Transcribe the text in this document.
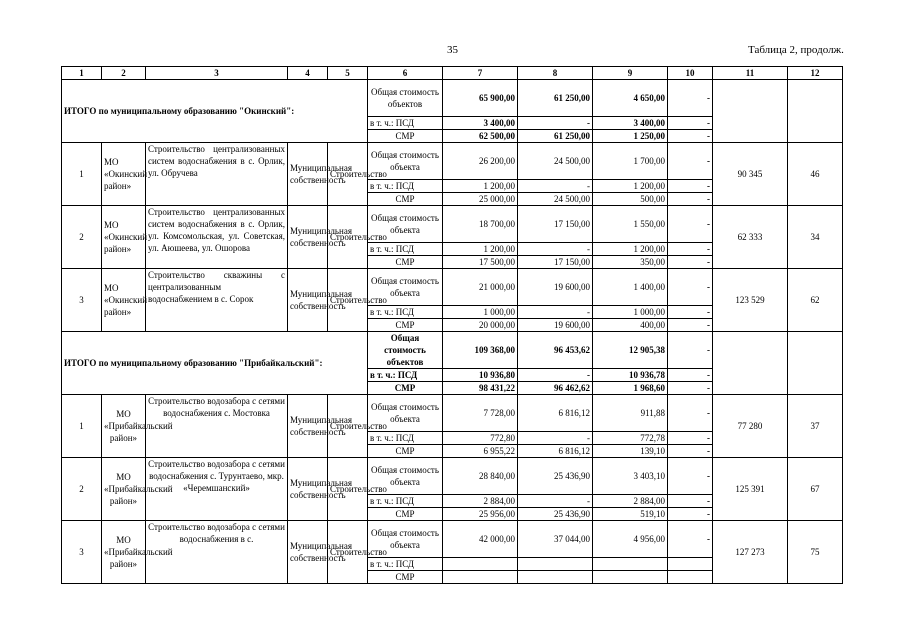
35	Таблица 2, продолж.
1	2	3	4	5	6	7	8	9	10	11	12
ИТОГО по муниципальному образованию "Окинский":					Общая стоимость объектов	65 900,00	61 250,00	4 650,00	-		
					в т. ч.: ПСД	3 400,00	-	3 400,00	-		
					СМР	62 500,00	61 250,00	1 250,00	-		
1	МО «Окинский район»	Строительство централизованных систем водоснабжения в с. Орлик, ул. Обручева	Муниципальная собственность	Строительство	Общая стоимость объекта	26 200,00	24 500,00	1 700,00	-	90 345	46
					в т. ч.: ПСД	1 200,00	-	1 200,00	-		
					СМР	25 000,00	24 500,00	500,00	-		
2	МО «Окинский район»	Строительство централизованных систем водоснабжения в с. Орлик, ул. Комсомольская, ул. Советская, ул. Аюшеева, ул. Ошорова	Муниципальная собственность	Строительство	Общая стоимость объекта	18 700,00	17 150,00	1 550,00	-	62 333	34
					в т. ч.: ПСД	1 200,00	-	1 200,00	-		
					СМР	17 500,00	17 150,00	350,00	-		
3	МО «Окинский район»	Строительство скважины с централизованным водоснабжением в с. Сорок	Муниципальная собственность	Строительство	Общая стоимость объекта	21 000,00	19 600,00	1 400,00	-	123 529	62
					в т. ч.: ПСД	1 000,00	-	1 000,00	-		
					СМР	20 000,00	19 600,00	400,00	-		
ИТОГО по муниципальному образованию "Прибайкальский":					Общая стоимость объектов	109 368,00	96 453,62	12 905,38	-		
					в т. ч.: ПСД	10 936,80	-	10 936,78	-		
					СМР	98 431,22	96 462,62	1 968,60	-		
1	МО «Прибайкальский район»	Строительство водозабора с сетями водоснабжения с. Мостовка	Муниципальная собственность	Строительство	Общая стоимость объекта	7 728,00	6 816,12	911,88	-	77 280	37
					в т. ч.: ПСД	772,80	-	772,78	-		
					СМР	6 955,22	6 816,12	139,10	-		
2	МО «Прибайкальский район»	Строительство водозабора с сетями водоснабжения с. Турунтаево, мкр. «Черемшанский»	Муниципальная собственность	Строительство	Общая стоимость объекта	28 840,00	25 436,90	3 403,10	-	125 391	67
					в т. ч.: ПСД	2 884,00	-	2 884,00	-		
					СМР	25 956,00	25 436,90	519,10	-		
3	МО «Прибайкальский район»	Строительство водозабора с сетями водоснабжения в с.	Муниципальная собственность	Строительство	Общая стоимость объекта	42 000,00	37 044,00	4 956,00	-	127 273	75
					в т. ч.: ПСД						
					СМР						
